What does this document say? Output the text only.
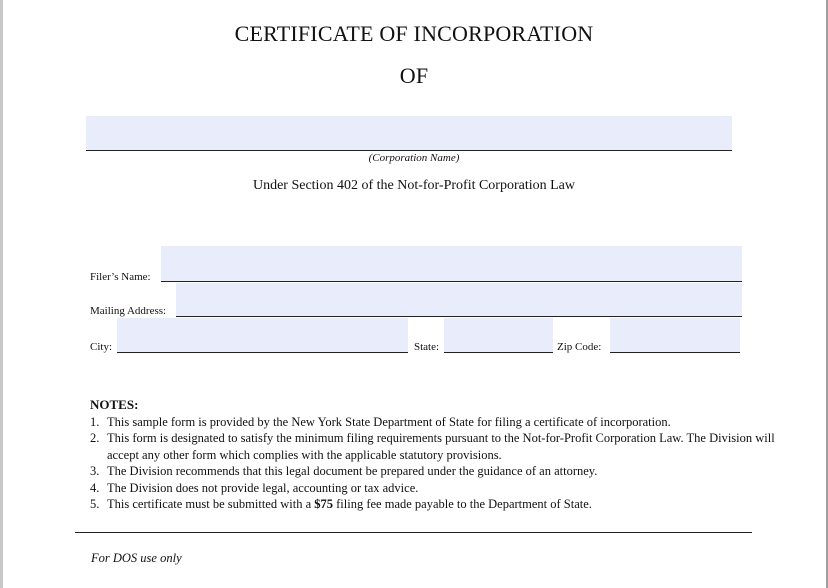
CERTIFICATE OF INCORPORATION
OF
(Corporation Name)
Under Section 402 of the Not-for-Profit Corporation Law
Filer’s Name:
Mailing Address:
City:	State:	Zip Code:
NOTES:
1. This sample form is provided by the New York State Department of State for filing a certificate of incorporation.
2. This form is designated to satisfy the minimum filing requirements pursuant to the Not-for-Profit Corporation Law. The Division will accept any other form which complies with the applicable statutory provisions.
3. The Division recommends that this legal document be prepared under the guidance of an attorney.
4. The Division does not provide legal, accounting or tax advice.
5. This certificate must be submitted with a $75 filing fee made payable to the Department of State.
For DOS use only
